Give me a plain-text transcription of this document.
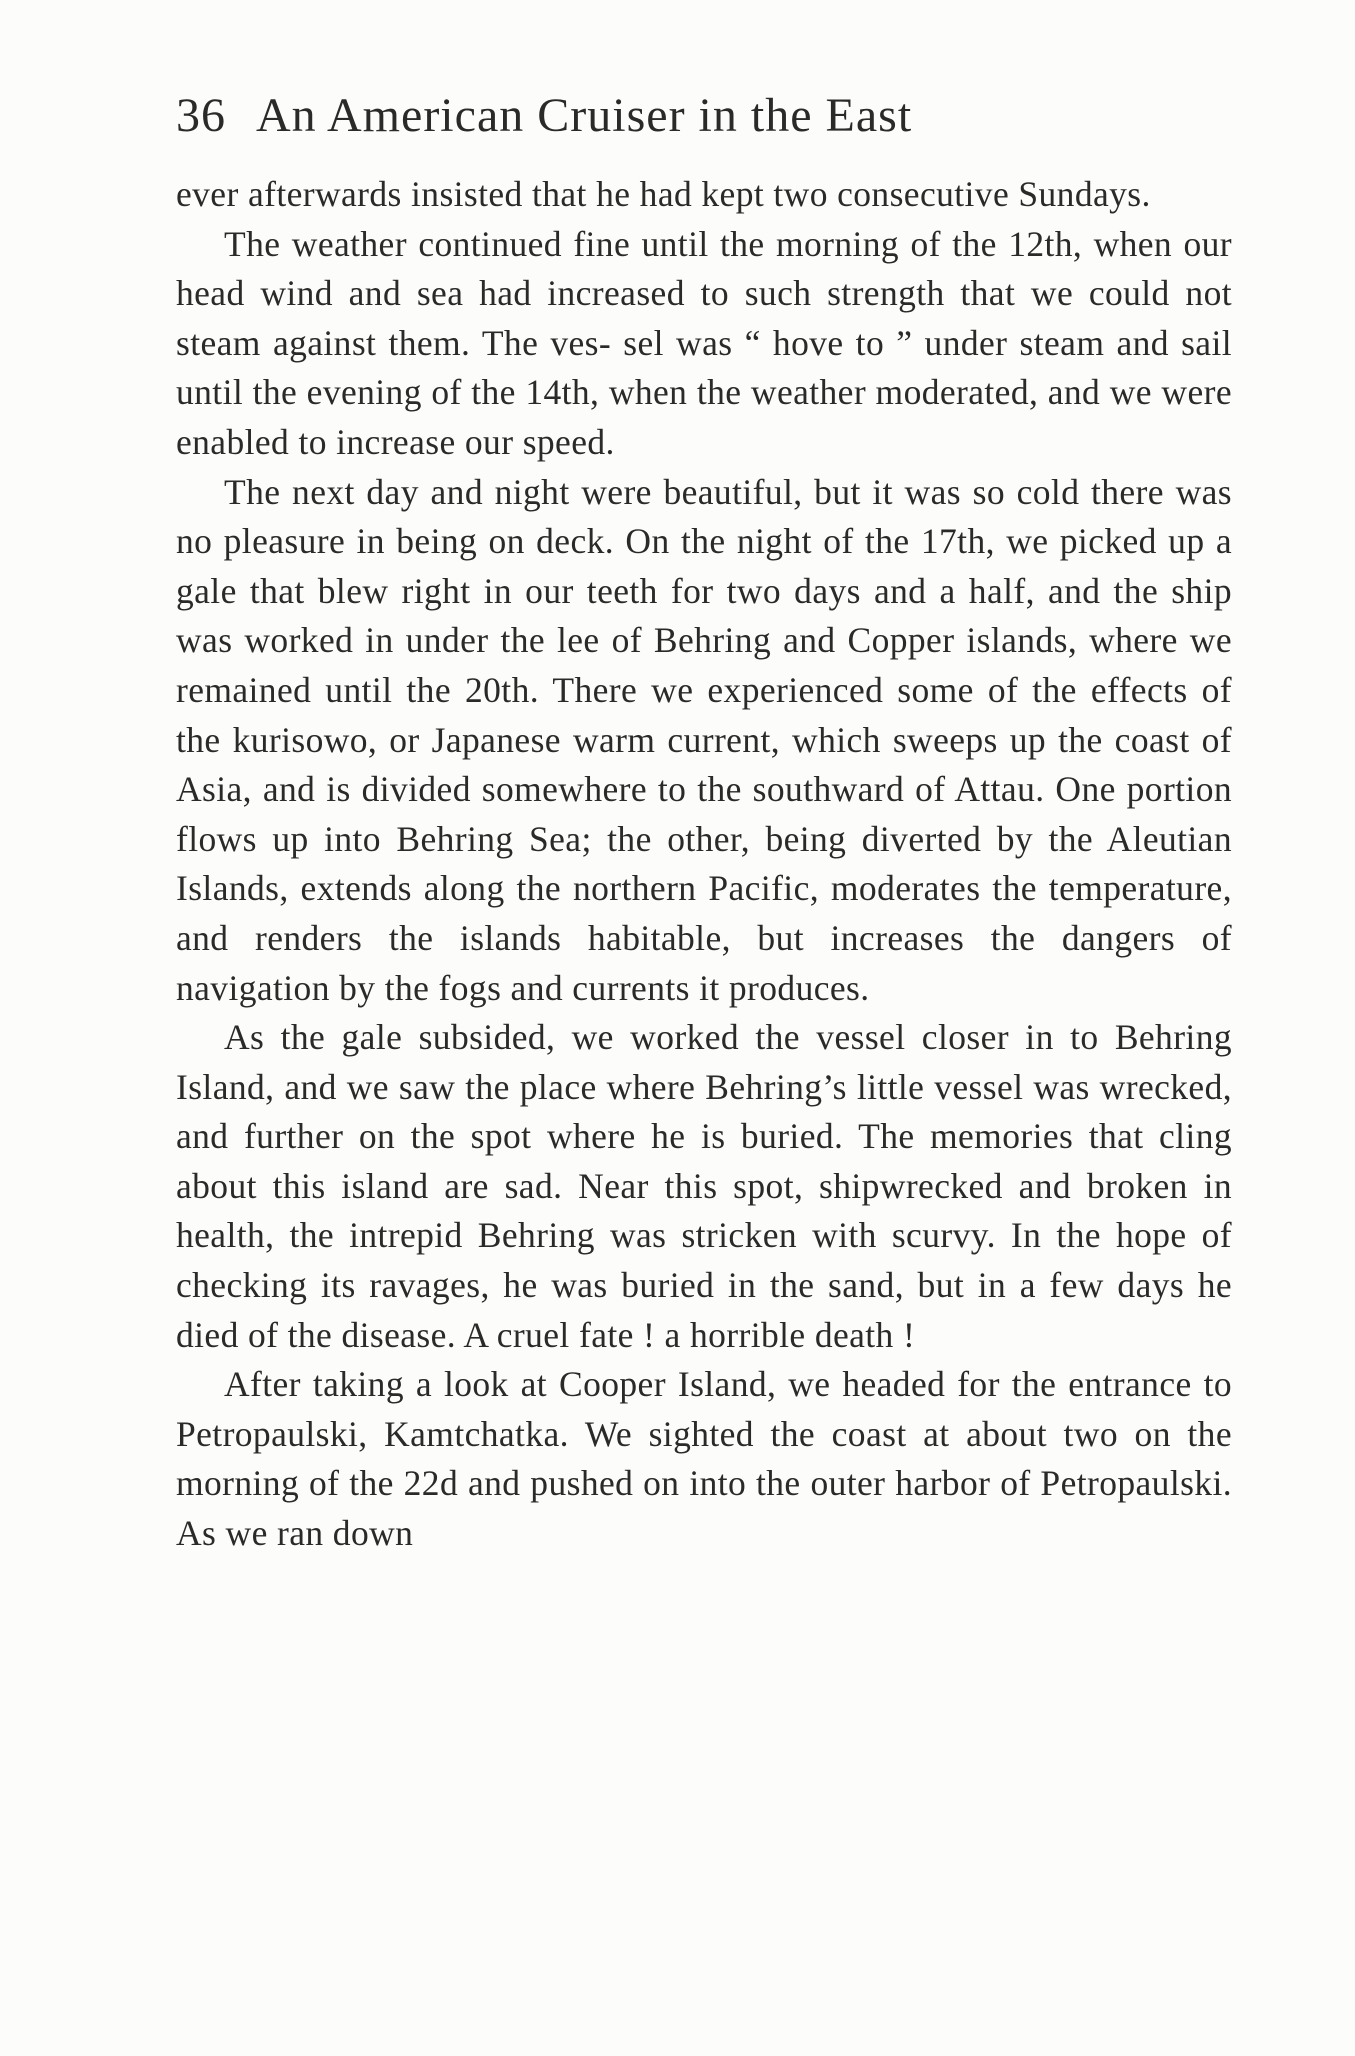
36 An American Cruiser in the East

ever afterwards insisted that he had kept two consecutive Sundays.

The weather continued fine until the morning of the 12th, when our head wind and sea had increased to such strength that we could not steam against them. The ves- sel was “ hove to ” under steam and sail until the evening of the 14th, when the weather moderated, and we were enabled to increase our speed.

The next day and night were beautiful, but it was so cold there was no pleasure in being on deck. On the night of the 17th, we picked up a gale that blew right in our teeth for two days and a half, and the ship was worked in under the lee of Behring and Copper islands, where we remained until the 20th. There we experienced some of the effects of the kurisowo, or Japanese warm current, which sweeps up the coast of Asia, and is divided somewhere to the southward of Attau. One portion flows up into Behring Sea; the other, being diverted by the Aleutian Islands, extends along the northern Pacific, moderates the temperature, and renders the islands habitable, but increases the dangers of navigation by the fogs and currents it produces.

As the gale subsided, we worked the vessel closer in to Behring Island, and we saw the place where Behring’s little vessel was wrecked, and further on the spot where he is buried. The memories that cling about this island are sad. Near this spot, shipwrecked and broken in health, the intrepid Behring was stricken with scurvy. In the hope of checking its ravages, he was buried in the sand, but in a few days he died of the disease. A cruel fate ! a horrible death !

After taking a look at Cooper Island, we headed for the entrance to Petropaulski, Kamtchatka. We sighted the coast at about two on the morning of the 22d and pushed on into the outer harbor of Petropaulski. As we ran down
